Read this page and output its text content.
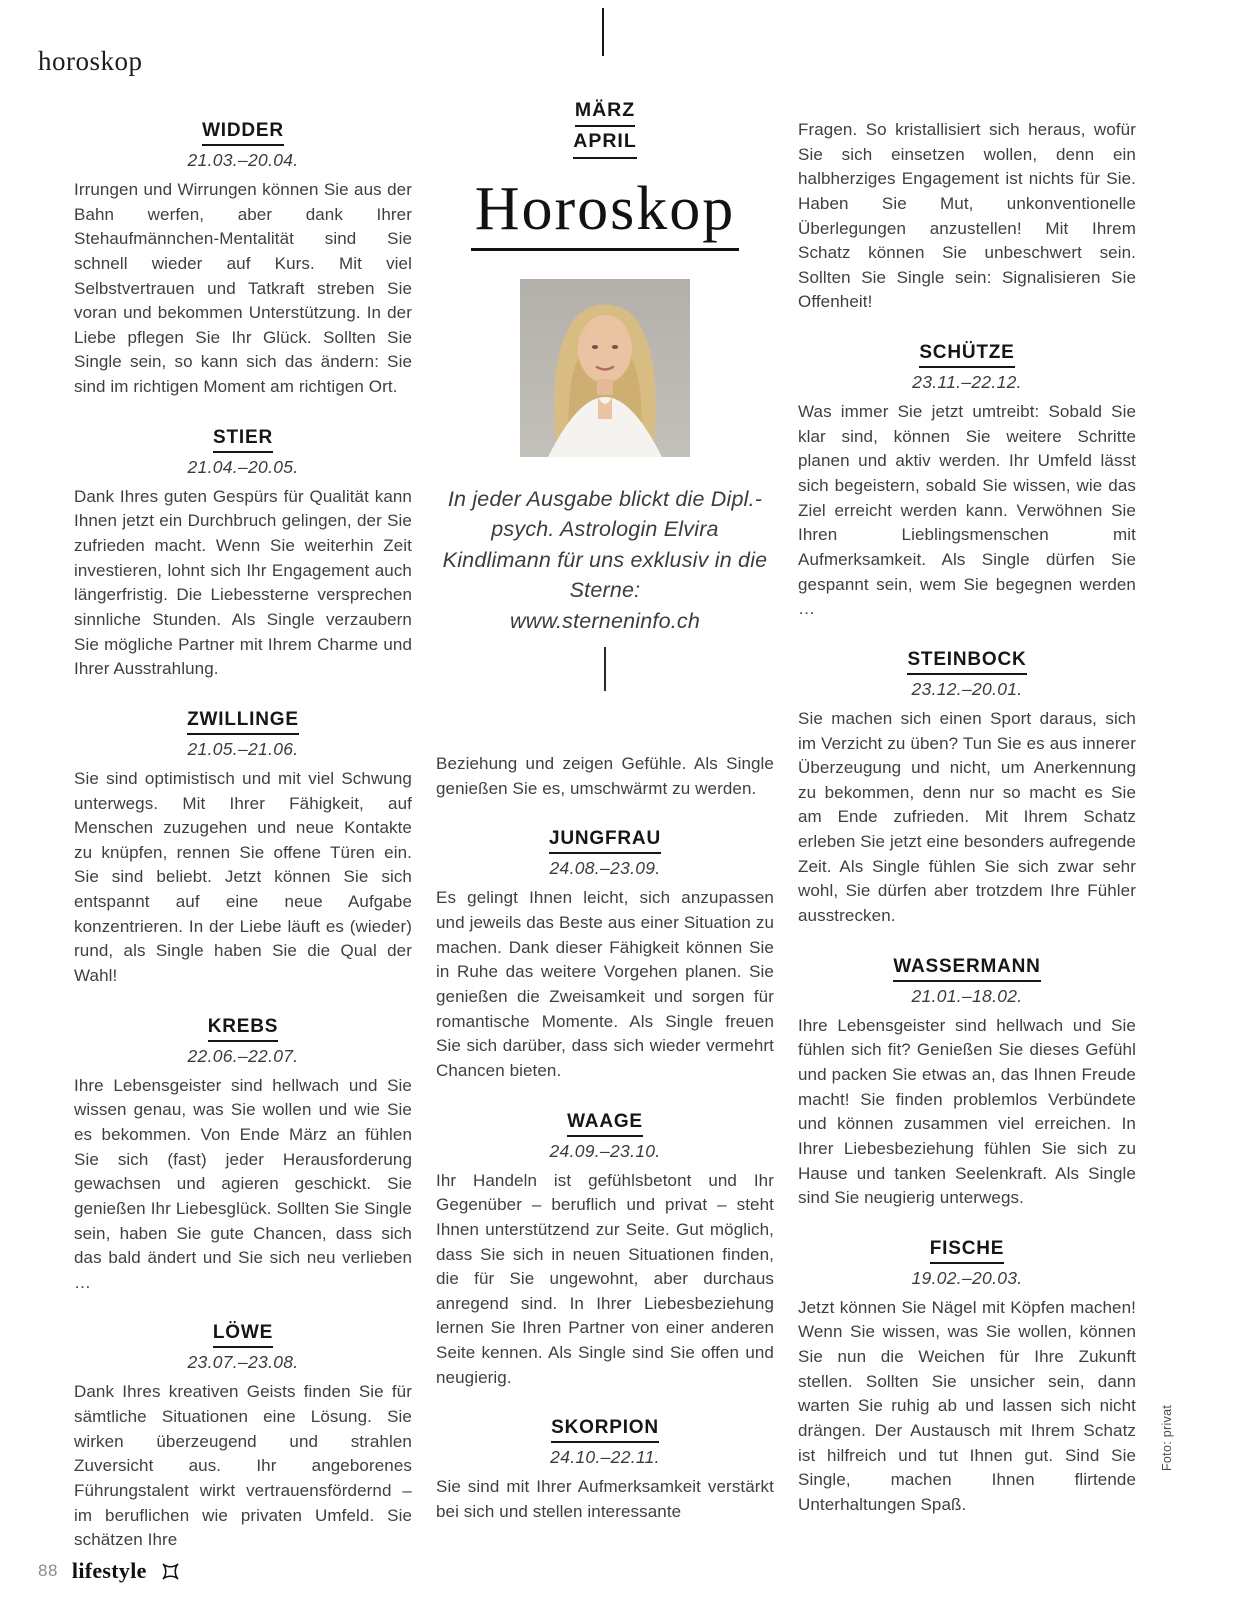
horoskop
WIDDER
21.03.–20.04.

Irrungen und Wirrungen können Sie aus der Bahn werfen, aber dank Ihrer Stehaufmännchen-Mentalität sind Sie schnell wieder auf Kurs. Mit viel Selbstvertrauen und Tatkraft streben Sie voran und bekommen Unterstützung. In der Liebe pflegen Sie Ihr Glück. Sollten Sie Single sein, so kann sich das ändern: Sie sind im richtigen Moment am richtigen Ort.

STIER
21.04.–20.05.

Dank Ihres guten Gespürs für Qualität kann Ihnen jetzt ein Durchbruch gelingen, der Sie zufrieden macht. Wenn Sie weiterhin Zeit investieren, lohnt sich Ihr Engagement auch längerfristig. Die Liebessterne versprechen sinnliche Stunden. Als Single verzaubern Sie mögliche Partner mit Ihrem Charme und Ihrer Ausstrahlung.

ZWILLINGE
21.05.–21.06.

Sie sind optimistisch und mit viel Schwung unterwegs. Mit Ihrer Fähigkeit, auf Menschen zuzugehen und neue Kontakte zu knüpfen, rennen Sie offene Türen ein. Sie sind beliebt. Jetzt können Sie sich entspannt auf eine neue Aufgabe konzentrieren. In der Liebe läuft es (wieder) rund, als Single haben Sie die Qual der Wahl!

KREBS
22.06.–22.07.

Ihre Lebensgeister sind hellwach und Sie wissen genau, was Sie wollen und wie Sie es bekommen. Von Ende März an fühlen Sie sich (fast) jeder Herausforderung gewachsen und agieren geschickt. Sie genießen Ihr Liebesglück. Sollten Sie Single sein, haben Sie gute Chancen, dass sich das bald ändert und Sie sich neu verlieben …

LÖWE
23.07.–23.08.

Dank Ihres kreativen Geists finden Sie für sämtliche Situationen eine Lösung. Sie wirken überzeugend und strahlen Zuversicht aus. Ihr angeborenes Führungstalent wirkt vertrauensfördernd – im beruflichen wie privaten Umfeld. Sie schätzen Ihre

MÄRZ
APRIL
Horoskop

In jeder Ausgabe blickt die Dipl.-psych. Astrologin Elvira Kindlimann für uns exklusiv in die Sterne:
www.sterneninfo.ch

Beziehung und zeigen Gefühle. Als Single genießen Sie es, umschwärmt zu werden.

JUNGFRAU
24.08.–23.09.

Es gelingt Ihnen leicht, sich anzupassen und jeweils das Beste aus einer Situation zu machen. Dank dieser Fähigkeit können Sie in Ruhe das weitere Vorgehen planen. Sie genießen die Zweisamkeit und sorgen für romantische Momente. Als Single freuen Sie sich darüber, dass sich wieder vermehrt Chancen bieten.

WAAGE
24.09.–23.10.

Ihr Handeln ist gefühlsbetont und Ihr Gegenüber – beruflich und privat – steht Ihnen unterstützend zur Seite. Gut möglich, dass Sie sich in neuen Situationen finden, die für Sie ungewohnt, aber durchaus anregend sind. In Ihrer Liebesbeziehung lernen Sie Ihren Partner von einer anderen Seite kennen. Als Single sind Sie offen und neugierig.

SKORPION
24.10.–22.11.

Sie sind mit Ihrer Aufmerksamkeit verstärkt bei sich und stellen interessante

Fragen. So kristallisiert sich heraus, wofür Sie sich einsetzen wollen, denn ein halbherziges Engagement ist nichts für Sie. Haben Sie Mut, unkonventionelle Überlegungen anzustellen! Mit Ihrem Schatz können Sie unbeschwert sein. Sollten Sie Single sein: Signalisieren Sie Offenheit!

SCHÜTZE
23.11.–22.12.

Was immer Sie jetzt umtreibt: Sobald Sie klar sind, können Sie weitere Schritte planen und aktiv werden. Ihr Umfeld lässt sich begeistern, sobald Sie wissen, wie das Ziel erreicht werden kann. Verwöhnen Sie Ihren Lieblingsmenschen mit Aufmerksamkeit. Als Single dürfen Sie gespannt sein, wem Sie begegnen werden …

STEINBOCK
23.12.–20.01.

Sie machen sich einen Sport daraus, sich im Verzicht zu üben? Tun Sie es aus innerer Überzeugung und nicht, um Anerkennung zu bekommen, denn nur so macht es Sie am Ende zufrieden. Mit Ihrem Schatz erleben Sie jetzt eine besonders aufregende Zeit. Als Single fühlen Sie sich zwar sehr wohl, Sie dürfen aber trotzdem Ihre Fühler ausstrecken.

WASSERMANN
21.01.–18.02.

Ihre Lebensgeister sind hellwach und Sie fühlen sich fit? Genießen Sie dieses Gefühl und packen Sie etwas an, das Ihnen Freude macht! Sie finden problemlos Verbündete und können zusammen viel erreichen. In Ihrer Liebesbeziehung fühlen Sie sich zu Hause und tanken Seelenkraft. Als Single sind Sie neugierig unterwegs.

FISCHE
19.02.–20.03.

Jetzt können Sie Nägel mit Köpfen machen! Wenn Sie wissen, was Sie wollen, können Sie nun die Weichen für Ihre Zukunft stellen. Sollten Sie unsicher sein, dann warten Sie ruhig ab und lassen sich nicht drängen. Der Austausch mit Ihrem Schatz ist hilfreich und tut Ihnen gut. Sind Sie Single, machen Ihnen flirtende Unterhaltungen Spaß.

88 lifestyle
Foto: privat
